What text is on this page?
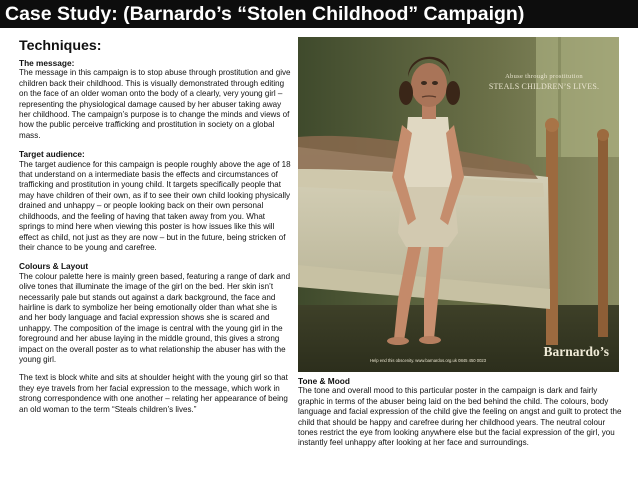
Case Study: (Barnardo’s “Stolen Childhood” Campaign)
Techniques:

The message:

The message in this campaign is to stop abuse through prostitution and give children back their childhood. This is visually demonstrated through editing on the face of an older woman onto the body of a clearly, very young girl – representing the physiological damage caused by her abuser taking away her childhood. The campaign’s purpose is to change the minds and views of how the public perceive trafficking and prostitution in society on a global mass.

Target audience:

The target audience for this campaign is people roughly above the age of 18 that understand on a intermediate basis the effects and circumstances of trafficking and prostitution in young child. It targets specifically people that may have children of their own, as if to see their own child looking physically drained and unhappy – or people looking back on their own personal childhoods, and the feeling of having that taken away from you. What springs to mind here when viewing this poster is how issues like this will effect as child, not just as they are now – but in the future, being stricken of their chance to be young and carefree.

Colours & Layout

The colour palette here is mainly green based, featuring a range of dark and olive tones that illuminate the image of the girl on the bed. Her skin isn’t necessarily pale but stands out against a dark background, the face and hairline is dark to symbolize her being emotionally older than what she is and her body language and facial expression shows she is scared and unhappy. The composition of the image is central with the young girl in the foreground and her abuse laying in the middle ground, this gives a strong impact on the overall poster as to what relationship the abuser has with the young girl.

The text is block white and sits at shoulder height with the young girl so that they eye travels from her facial expression to the message, which work in strong correspondence with one another – relating her appearance of being an old woman to the term “Steals children’s lives.”

Abuse through prostitution
STEALS CHILDREN’S LIVES.
Help end this obscenity. www.barnardos.org.uk 0845 450 0023
Barnardo’s

Tone & Mood

The tone and overall mood to this particular poster in the campaign is dark and fairly graphic in terms of the abuser being laid on the bed behind the child. The colours, body language and facial expression of the child give the feeling on angst and guilt to protect the child that should be happy and carefree during her childhood years. The neutral colour tones restrict the eye from looking anywhere else but the facial expression of the girl, you instantly feel unhappy after looking at her face and surroundings.
